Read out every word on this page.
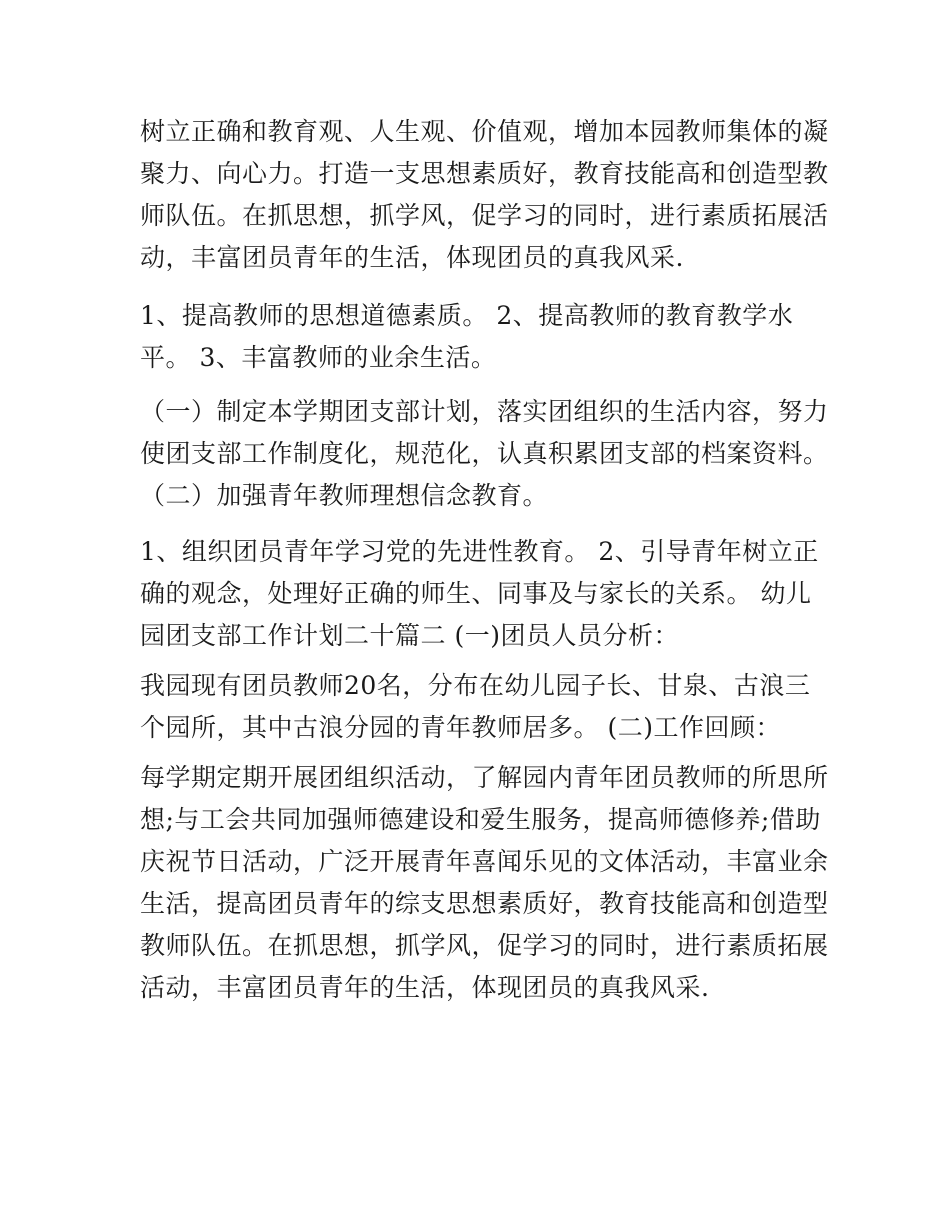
树立正确和教育观、人生观、价值观，增加本园教师集体的凝
聚力、向心力。打造一支思想素质好，教育技能高和创造型教
师队伍。在抓思想，抓学风，促学习的同时，进行素质拓展活
动，丰富团员青年的生活，体现团员的真我风采.
1、提高教师的思想道德素质。 2、提高教师的教育教学水
平。 3、丰富教师的业余生活。
（一）制定本学期团支部计划，落实团组织的生活内容，努力
使团支部工作制度化，规范化，认真积累团支部的档案资料。
（二）加强青年教师理想信念教育。
1、组织团员青年学习党的先进性教育。 2、引导青年树立正
确的观念，处理好正确的师生、同事及与家长的关系。 幼儿
园团支部工作计划二十篇二 (一)团员人员分析：
我园现有团员教师20名，分布在幼儿园子长、甘泉、古浪三
个园所，其中古浪分园的青年教师居多。 (二)工作回顾：
每学期定期开展团组织活动，了解园内青年团员教师的所思所
想;与工会共同加强师德建设和爱生服务，提高师德修养;借助
庆祝节日活动，广泛开展青年喜闻乐见的文体活动，丰富业余
生活，提高团员青年的综支思想素质好，教育技能高和创造型
教师队伍。在抓思想，抓学风，促学习的同时，进行素质拓展
活动，丰富团员青年的生活，体现团员的真我风采.
